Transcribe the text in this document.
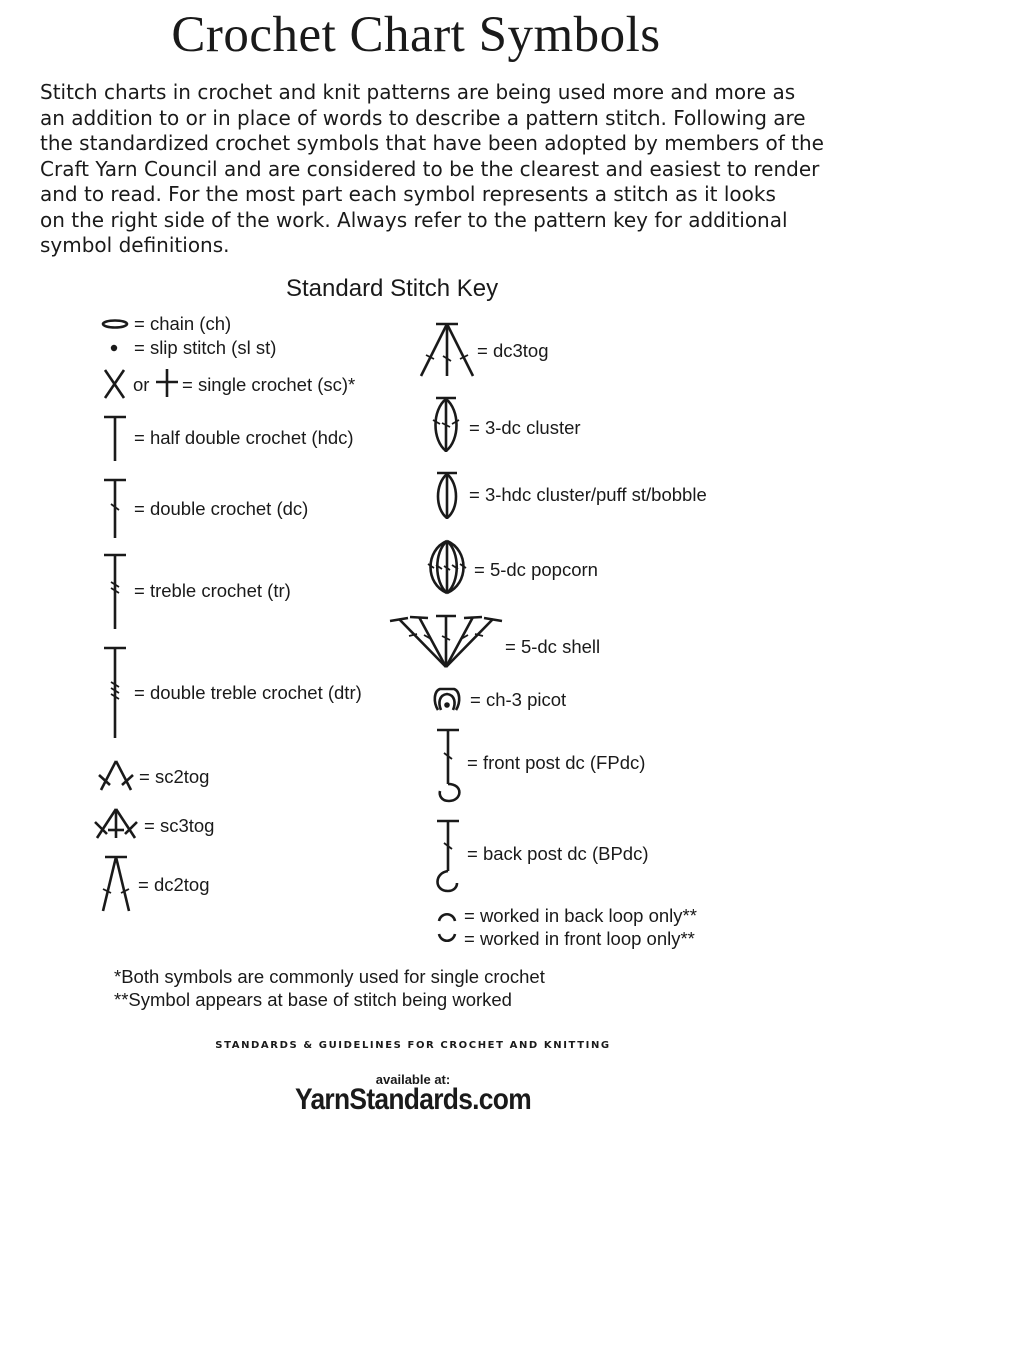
Crochet Chart Symbols
Stitch charts in crochet and knit patterns are being used more and more as
an addition to or in place of words to describe a pattern stitch. Following are
the standardized crochet symbols that have been adopted by members of the
Craft Yarn Council and are considered to be the clearest and easiest to render
and to read. For the most part each symbol represents a stitch as it looks
on the right side of the work. Always refer to the pattern key for additional
symbol definitions.
Standard Stitch Key
= chain (ch)
= slip stitch (sl st)
or = single crochet (sc)*
= half double crochet (hdc)
= double crochet (dc)
= treble crochet (tr)
= double treble crochet (dtr)
= sc2tog
= sc3tog
= dc2tog
= dc3tog
= 3-dc cluster
= 3-hdc cluster/puff st/bobble
= 5-dc popcorn
= 5-dc shell
= ch-3 picot
= front post dc (FPdc)
= back post dc (BPdc)
= worked in back loop only**
= worked in front loop only**
*Both symbols are commonly used for single crochet
**Symbol appears at base of stitch being worked
STANDARDS & GUIDELINES FOR CROCHET AND KNITTING
available at:
YarnStandards.com
